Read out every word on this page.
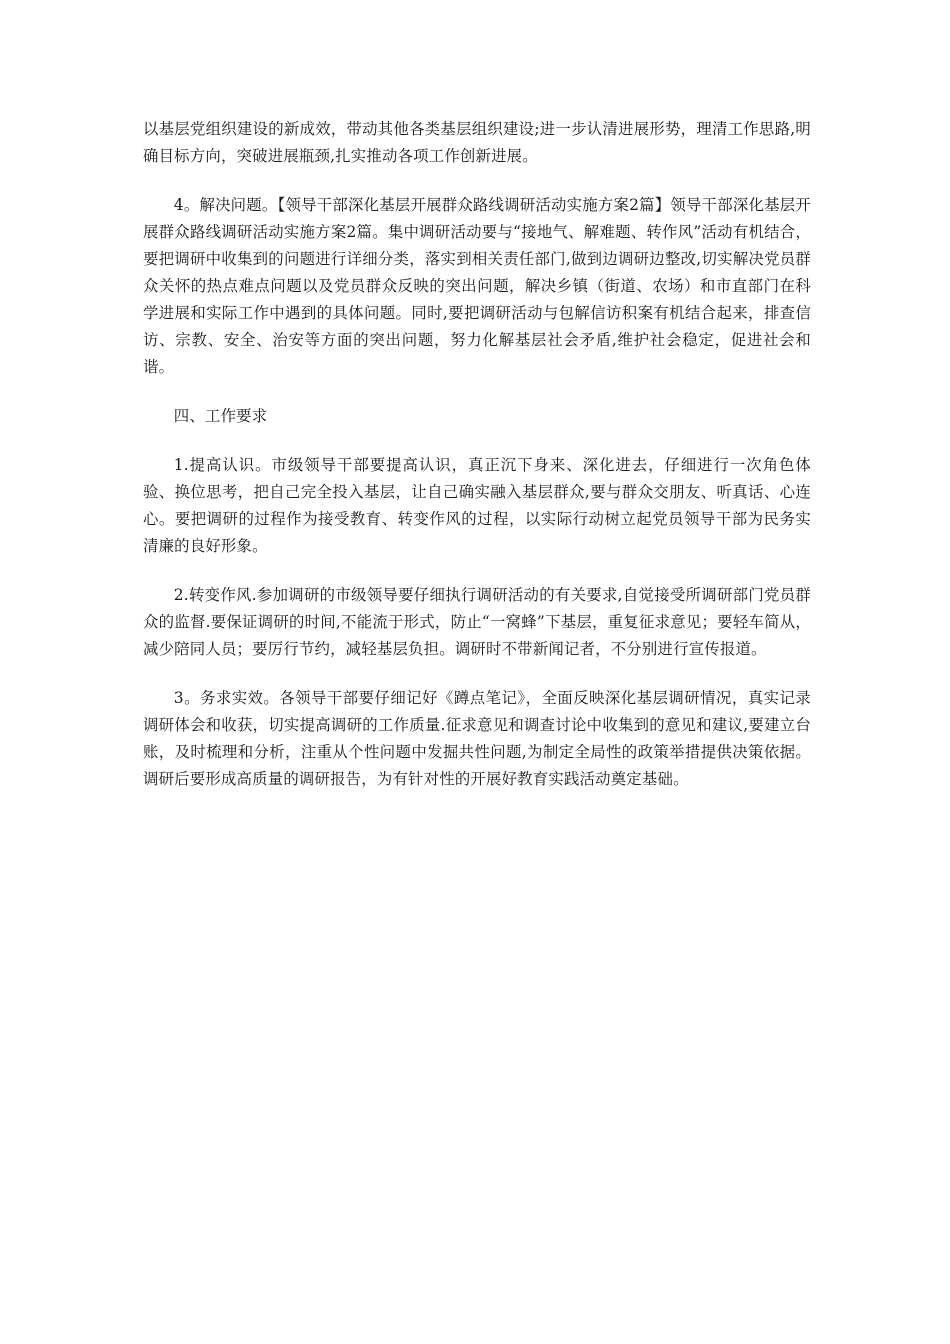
以基层党组织建设的新成效，带动其他各类基层组织建设;进一步认清进展形势，理清工作思路,明确目标方向，突破进展瓶颈,扎实推动各项工作创新进展。

4。解决问题。【领导干部深化基层开展群众路线调研活动实施方案2篇】领导干部深化基层开展群众路线调研活动实施方案2篇。集中调研活动要与“接地气、解难题、转作风”活动有机结合，要把调研中收集到的问题进行详细分类，落实到相关责任部门,做到边调研边整改,切实解决党员群众关怀的热点难点问题以及党员群众反映的突出问题，解决乡镇（街道、农场）和市直部门在科学进展和实际工作中遇到的具体问题。同时,要把调研活动与包解信访积案有机结合起来，排查信访、宗教、安全、治安等方面的突出问题，努力化解基层社会矛盾,维护社会稳定，促进社会和谐。

四、工作要求

1.提高认识。市级领导干部要提高认识，真正沉下身来、深化进去，仔细进行一次角色体验、换位思考，把自己完全投入基层，让自己确实融入基层群众,要与群众交朋友、听真话、心连心。要把调研的过程作为接受教育、转变作风的过程，以实际行动树立起党员领导干部为民务实清廉的良好形象。

2.转变作风.参加调研的市级领导要仔细执行调研活动的有关要求,自觉接受所调研部门党员群众的监督.要保证调研的时间,不能流于形式，防止“一窝蜂”下基层，重复征求意见；要轻车简从，减少陪同人员；要厉行节约，减轻基层负担。调研时不带新闻记者，不分别进行宣传报道。

3。务求实效。各领导干部要仔细记好《蹲点笔记》，全面反映深化基层调研情况，真实记录调研体会和收获，切实提高调研的工作质量.征求意见和调查讨论中收集到的意见和建议,要建立台账，及时梳理和分析，注重从个性问题中发掘共性问题,为制定全局性的政策举措提供决策依据。调研后要形成高质量的调研报告，为有针对性的开展好教育实践活动奠定基础。
